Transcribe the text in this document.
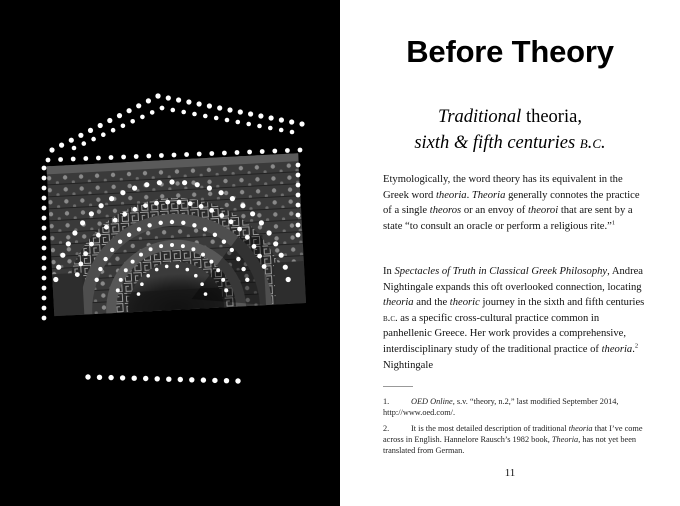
Before Theory
Traditional theoria,
sixth & fifth centuries b.c.

Etymologically, the word theory has its equivalent in the Greek word theoria. Theoria generally connotes the practice of a single theoros or an envoy of theoroi that are sent by a state “to consult an oracle or perform a religious rite.”$^1$

In Spectacles of Truth in Classical Greek Philosophy, Andrea Nightingale expands this oft overlooked connection, locating theoria and the theoric journey in the sixth and fifth centuries b.c. as a specific cross-cultural practice common in panhellenic Greece. Her work provides a comprehensive, interdisciplinary study of the traditional practice of theoria.$^2$ Nightingale

1.	OED Online, s.v. “theory, n.2,” last modified September 2014, http://www.oed.com/.

2.	It is the most detailed description of traditional theoria that I’ve come across in English. Hannelore Rausch’s 1982 book, Theoria, has not yet been translated from German.

11
